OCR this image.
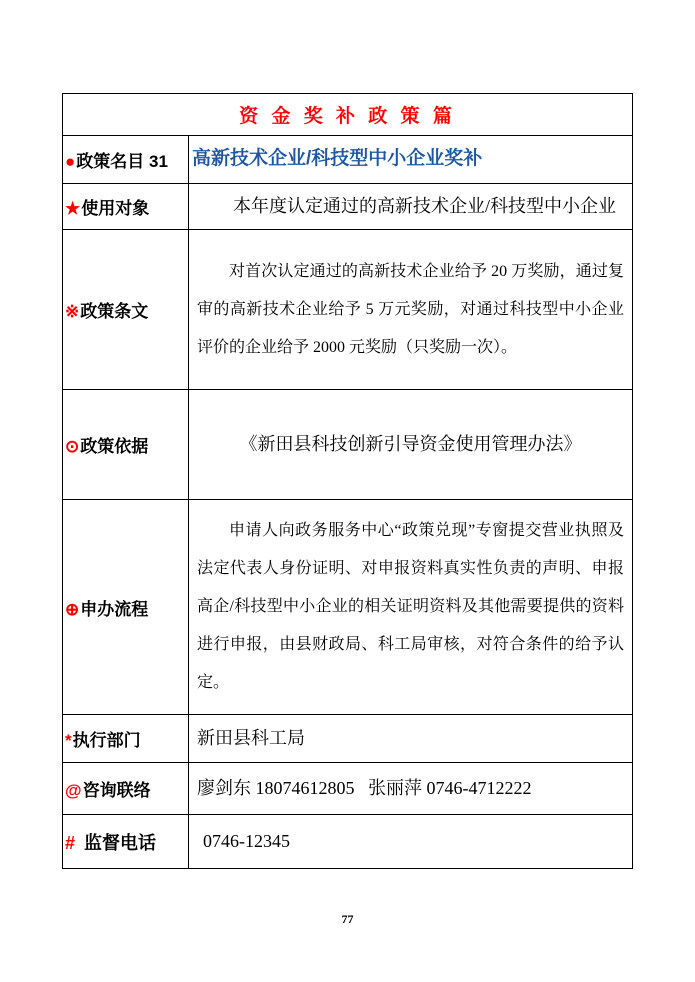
资 金 奖 补 政 策 篇	
●政策名目 31	高新技术企业/科技型中小企业奖补
★使用对象	本年度认定通过的高新技术企业/科技型中小企业
※政策条文	对首次认定通过的高新技术企业给予 20 万奖励，通过复审的高新技术企业给予 5 万元奖励，对通过科技型中小企业评价的企业给予 2000 元奖励（只奖励一次）。
⊙政策依据	《新田县科技创新引导资金使用管理办法》
⊕申办流程	申请人向政务服务中心“政策兑现”专窗提交营业执照及法定代表人身份证明、对申报资料真实性负责的声明、申报高企/科技型中小企业的相关证明资料及其他需要提供的资料进行申报，由县财政局、科工局审核，对符合条件的给予认定。
*执行部门	新田县科工局
@咨询联络	廖剑东 18074612805   张丽萍 0746-4712222
# 监督电话	0746-12345
77
